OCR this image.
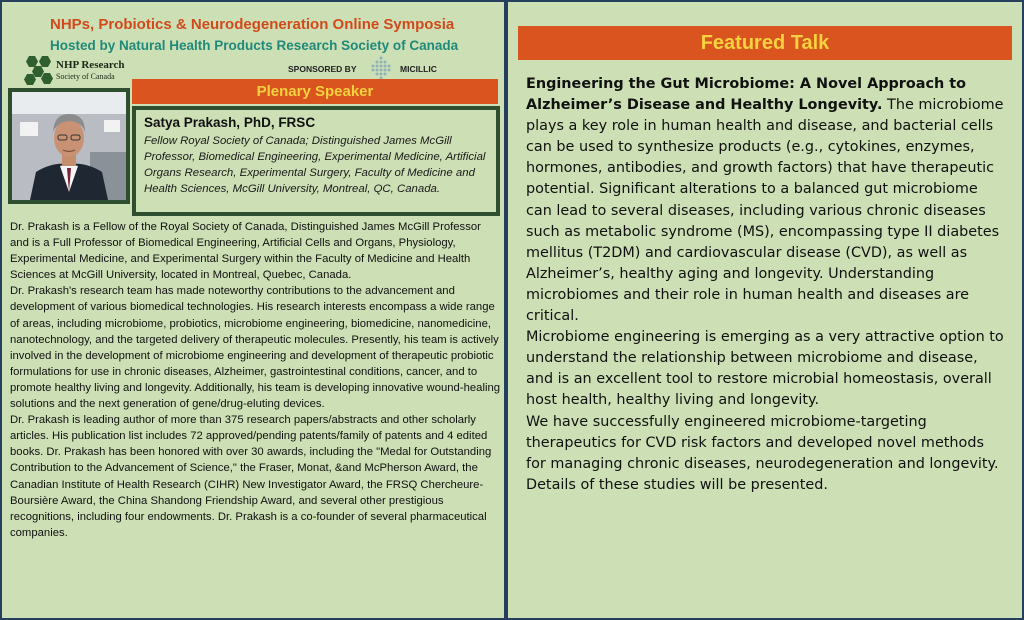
NHPs, Probiotics & Neurodegeneration Online Symposia
Hosted by Natural Health Products Research Society of Canada
NHP Research
Society of Canada
SPONSORED BY	MICILLIC
Plenary Speaker
Satya Prakash, PhD, FRSC
Fellow Royal Society of Canada; Distinguished James McGill Professor, Biomedical Engineering, Experimental Medicine, Artificial Organs Research, Experimental Surgery, Faculty of Medicine and Health Sciences, McGill University, Montreal, QC, Canada.
Dr. Prakash is a Fellow of the Royal Society of Canada, Distinguished James McGill Professor and is a Full Professor of Biomedical Engineering, Artificial Cells and Organs, Physiology, Experimental Medicine, and Experimental Surgery within the Faculty of Medicine and Health Sciences at McGill University, located in Montreal, Quebec, Canada.
Dr. Prakash's research team has made noteworthy contributions to the advancement and development of various biomedical technologies. His research interests encompass a wide range of areas, including microbiome, probiotics, microbiome engineering, biomedicine, nanomedicine, nanotechnology, and the targeted delivery of therapeutic molecules. Presently, his team is actively involved in the development of microbiome engineering and development of therapeutic probiotic formulations for use in chronic diseases, Alzheimer, gastrointestinal conditions, cancer, and to promote healthy living and longevity. Additionally, his team is developing innovative wound-healing solutions and the next generation of gene/drug-eluting devices.
Dr. Prakash is leading author of more than 375 research papers/abstracts and other scholarly articles. His publication list includes 72 approved/pending patents/family of patents and 4 edited books. Dr. Prakash has been honored with over 30 awards, including the "Medal for Outstanding Contribution to the Advancement of Science," the Fraser, Monat, &and McPherson Award, the Canadian Institute of Health Research (CIHR) New Investigator Award, the FRSQ Chercheure-Boursière Award, the China Shandong Friendship Award, and several other prestigious recognitions, including four endowments. Dr. Prakash is a co-founder of several pharmaceutical companies.
Featured Talk
Engineering the Gut Microbiome: A Novel Approach to Alzheimer’s Disease and Healthy Longevity. The microbiome plays a key role in human health and disease, and bacterial cells can be used to synthesize products (e.g., cytokines, enzymes, hormones, antibodies, and growth factors) that have therapeutic potential. Significant alterations to a balanced gut microbiome can lead to several diseases, including various chronic diseases such as metabolic syndrome (MS), encompassing type II diabetes mellitus (T2DM) and cardiovascular disease (CVD), as well as Alzheimer’s, healthy aging and longevity. Understanding microbiomes and their role in human health and diseases are critical.
Microbiome engineering is emerging as a very attractive option to understand the relationship between microbiome and disease, and is an excellent tool to restore microbial homeostasis, overall host health, healthy living and longevity.
We have successfully engineered microbiome-targeting therapeutics for CVD risk factors and developed novel methods for managing chronic diseases, neurodegeneration and longevity. Details of these studies will be presented.
